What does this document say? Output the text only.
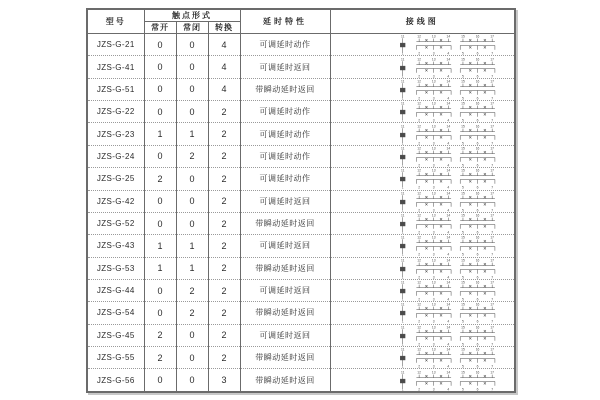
型号	触点形式			延时特性	接线图
	常开	常闭	转换		
JZS-G-21	0	0	4	可调延时动作	
11	12	13	14	15	16	17
1	2	3	4	5	6	7

JZS-G-41	0	0	4	可调延时返回	
11	12	13	14	15	16	17
1	2	3	4	5	6	7

JZS-G-51	0	0	4	带瞬动延时返回	
11	12	13	14	15	16	17
1	2	3	4	5	6	7

JZS-G-22	0	0	2	可调延时动作	
11	12	13	14	15	16	17
1	2	3	4	5	6	7

JZS-G-23	1	1	2	可调延时动作	
11	12	13	14	15	16	17
1	2	3	4	5	6	7

JZS-G-24	0	2	2	可调延时动作	
11	12	13	14	15	16	17
1	2	3	4	5	6	7

JZS-G-25	2	0	2	可调延时动作	
11	12	13	14	15	16	17
1	2	3	4	5	6	7

JZS-G-42	0	0	2	可调延时返回	
11	12	13	14	15	16	17
1	2	3	4	5	6	7

JZS-G-52	0	0	2	带瞬动延时返回	
11	12	13	14	15	16	17
1	2	3	4	5	6	7

JZS-G-43	1	1	2	可调延时返回	
11	12	13	14	15	16	17
1	2	3	4	5	6	7

JZS-G-53	1	1	2	带瞬动延时返回	
11	12	13	14	15	16	17
1	2	3	4	5	6	7

JZS-G-44	0	2	2	可调延时返回	
11	12	13	14	15	16	17
1	2	3	4	5	6	7

JZS-G-54	0	2	2	带瞬动延时返回	
11	12	13	14	15	16	17
1	2	3	4	5	6	7

JZS-G-45	2	0	2	可调延时返回	
11	12	13	14	15	16	17
1	2	3	4	5	6	7

JZS-G-55	2	0	2	带瞬动延时返回	
11	12	13	14	15	16	17
1	2	3	4	5	6	7

JZS-G-56	0	0	3	带瞬动延时返回	
11	12	13	14	15	16	17
1	2	3	4	5	6	7
